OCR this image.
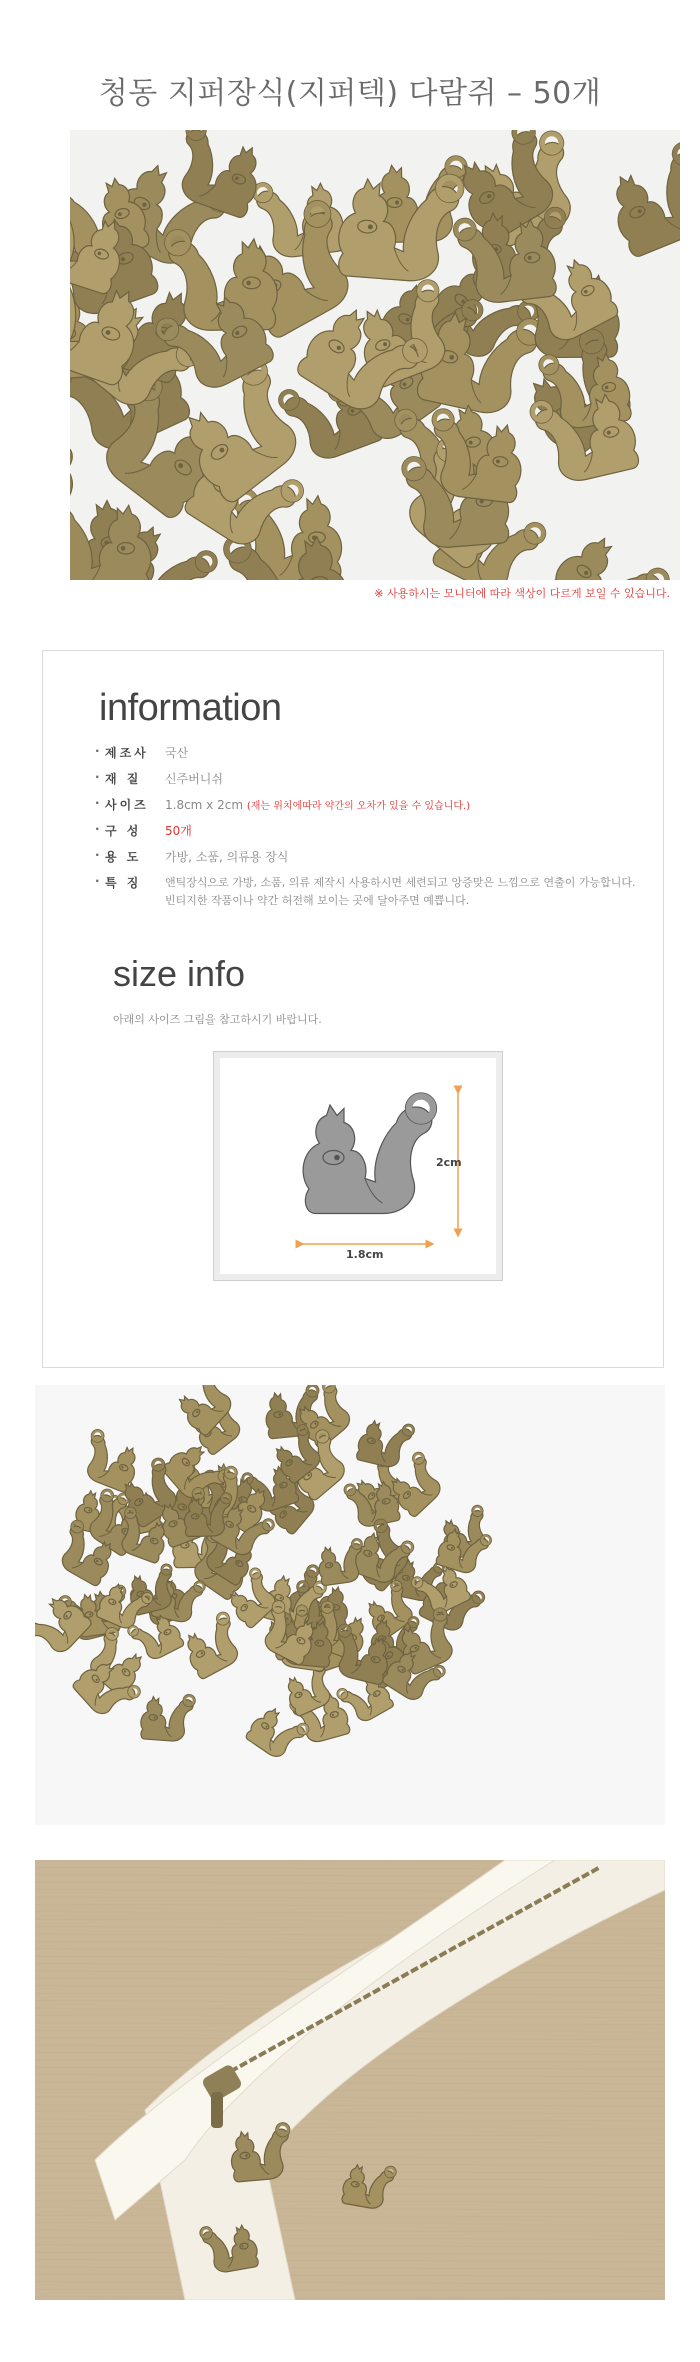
청동 지퍼장식(지퍼텍) 다람쥐 – 50개
※ 사용하시는 모니터에 따라 색상이 다르게 보일 수 있습니다.
information
· 제조사	국산
· 재 질	신주버니쉬
· 사이즈	1.8cm x 2cm (재는 위치에따라 약간의 오차가 있을 수 있습니다.)
· 구 성	50개
· 용 도	가방, 소품, 의류용 장식
· 특 징	앤틱장식으로 가방, 소품, 의류 제작시 사용하시면 세련되고 앙증맞은 느낌으로 연출이 가능합니다.
빈티지한 작품이나 약간 허전해 보이는 곳에 달아주면 예쁩니다.
size info
아래의 사이즈 그림을 참고하시기 바랍니다.
2cm
1.8cm
